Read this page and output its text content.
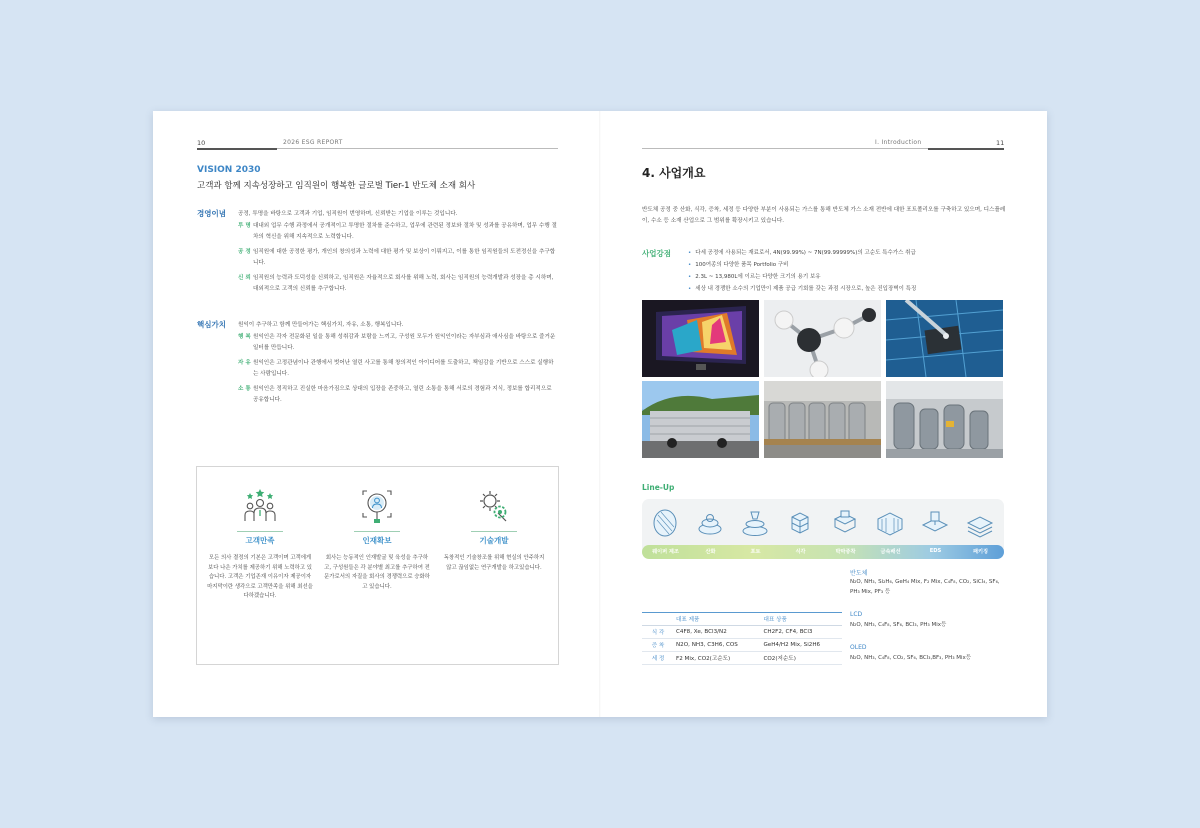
10	2026 ESG REPORT
VISION 2030
고객과 함께 지속성장하고 임직원이 행복한 글로벌 Tier-1 반도체 소재 회사
경영이념 공정, 투명을 바탕으로 고객과 기업, 임직원이 번영하며, 신뢰받는 기업을 이루는 것입니다.
투 명 대내외 업무 수행 과정에서 공개적이고 투명한 절차를 준수하고, 업무에 관련된 정보와 절차 및 성과를 공유하며, 업무 수행 절차의 혁신을 위해 지속적으로 노력합니다.
공 정 임직원에 대한 공정한 평가, 개인의 창의성과 노력에 대한 평가 및 보상이 이뤄지고, 이를 통한 임직원들의 도전정신을 추구합니다.
신 뢰 임직원의 능력과 도덕성을 신뢰하고, 임직원은 자율적으로 회사를 위해 노력, 회사는 임직원의 능력개발과 성장을 총 시하며, 대외적으로 고객의 신뢰를 추구합니다.
핵심가치 원익이 추구하고 함께 만들어가는 핵심가치, 자유, 소통, 행복입니다.
행 복 원익인은 각자 전문화된 일을 통해 성취감과 보람을 느끼고, 구성원 모두가 원익인이라는 자부심과 애사심을 바탕으로 즐거운 일터를 만듭니다.
자 유 원익인은 고정관념이나 관행에서 벗어난 열린 사고를 통해 창의적인 아이디어를 도출하고, 책임감을 기반으로 스스로 실행하는 사람입니다.
소 통 원익인은 정직하고 진실한 마음가짐으로 상대의 입장을 존중하고, 열린 소통을 통해 서로의 경험과 지식, 정보를 합리적으로 공유합니다.
고객만족
모든 의사 결정의 기본은 고객이며 고객에게 보다 나은 가치를 제공하기 위해 노력하고 있습니다. 고객은 기업존재 이유이자 제공이자 마지막이란 생각으로 고객만족을 위해 최선을 다하겠습니다.
인재확보
회사는 능동적인 인재발굴 및 육성을 추구하고, 구성원들은 각 분야별 최고를 추구하여 전문가로서의 자질을 회사의 경쟁력으로 승화하고 있습니다.
기술개발
독창적인 기술창조를 위해 현실의 안주하지 않고 끊임없는 연구개발을 하고있습니다.
I. Introduction	11
4. 사업개요
반도체 공정 중 산화, 식각, 증착, 세정 등 다양한 부분이 사용되는 가스를 통해 반도체 가스 소재 전반에 대한 포트폴리오를 구축하고 있으며, 디스플레이, 수소 등 소재 산업으로 그 범위를 확장시키고 있습니다.
사업강점	• 다세 공정에 사용되는 재료로서, 4N(99.99%) ~ 7N(99.99999%)의 고순도 특수가스 취급
• 100여종의 다양한 품목 Portfolio 구비
• 2.3L ~ 13,980L에 이르는 다양한 크기의 용기 보유
• 세상 내 경쟁한 소수의 기업만이 제품 공급 기회를 갖는 과점 시장으로, 높은 진입장벽이 특징
Line-Up
웨이퍼 제조	산화	포토	식각	박막증착	금속배선	EDS	패키징
	대표 제품	대표 상품
식 각	C4F8, Xe, BCl3/N2	CH2F2, CF4, BCl3
증 착	N2O, NH3, C3H6, COS	GeH4/H2 Mix, Si2H6
세 정	F2 Mix, CO2(고순도)	CO2(저순도)
반도체
N₂O, NH₃, Si₂H₆, GeH₄ Mix, F₂ Mix, C₄F₈, CO₂, SiCl₄, SF₆, PH₃ Mix, PF₃ 등
LCD
N₂O, NH₃, C₄F₈, SF₆, BCl₃, PH₃ Mix등
OLED
N₂O, NH₃, C₄F₈, CO₂, SF₆, BCl₃,BF₃, PH₃ Mix등
